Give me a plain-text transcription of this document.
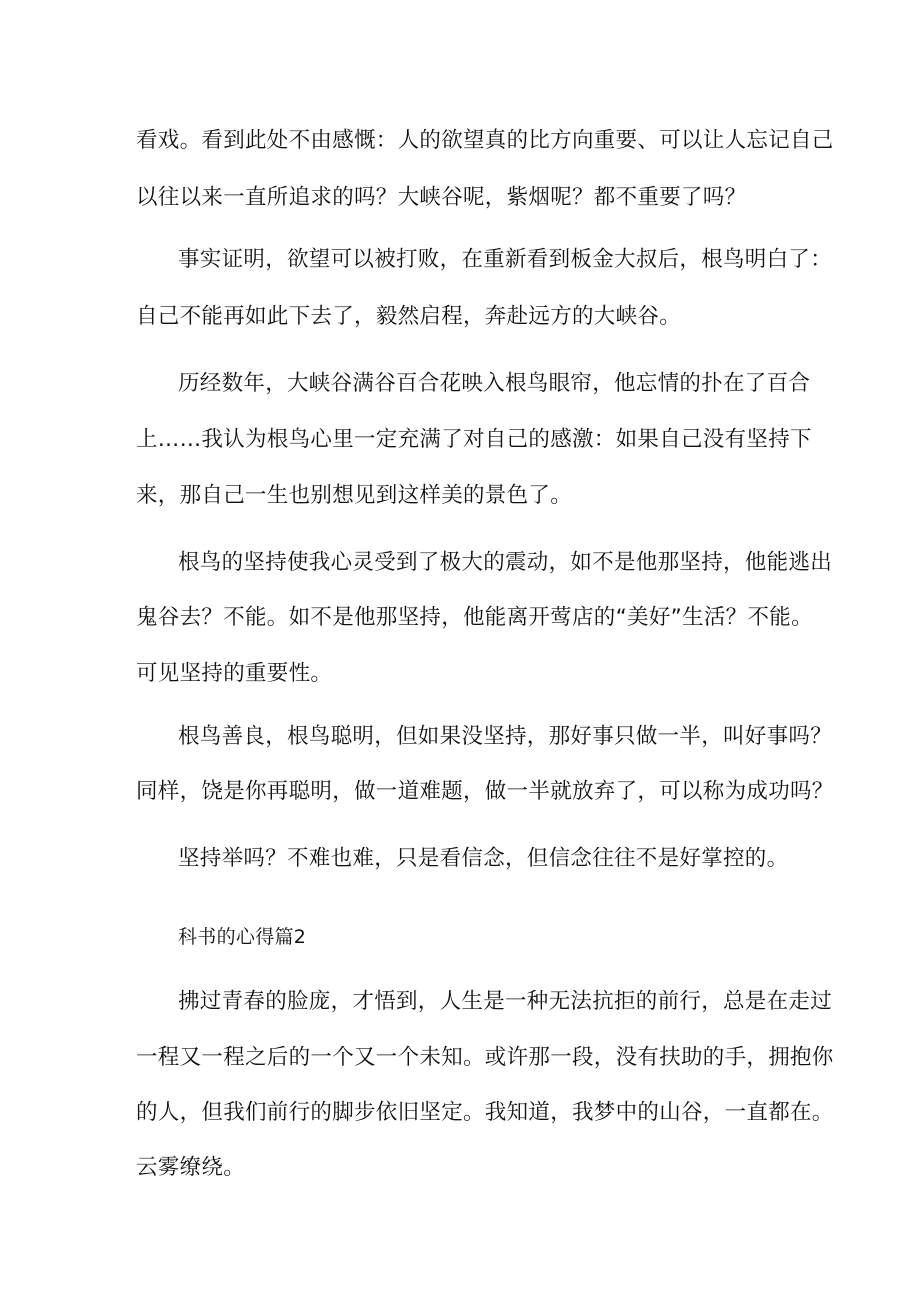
看戏。看到此处不由感慨：人的欲望真的比方向重要、可以让人忘记自己
以往以来一直所追求的吗？大峡谷呢，紫烟呢？都不重要了吗？
事实证明，欲望可以被打败，在重新看到板金大叔后，根鸟明白了：
自己不能再如此下去了，毅然启程，奔赴远方的大峡谷。
历经数年，大峡谷满谷百合花映入根鸟眼帘，他忘情的扑在了百合
上……我认为根鸟心里一定充满了对自己的感激：如果自己没有坚持下
来，那自己一生也别想见到这样美的景色了。
根鸟的坚持使我心灵受到了极大的震动，如不是他那坚持，他能逃出
鬼谷去？不能。如不是他那坚持，他能离开莺店的“美好”生活？不能。
可见坚持的重要性。
根鸟善良，根鸟聪明，但如果没坚持，那好事只做一半，叫好事吗？
同样，饶是你再聪明，做一道难题，做一半就放弃了，可以称为成功吗？
坚持举吗？不难也难，只是看信念，但信念往往不是好掌控的。
科书的心得篇2
拂过青春的脸庞，才悟到，人生是一种无法抗拒的前行，总是在走过
一程又一程之后的一个又一个未知。或许那一段，没有扶助的手，拥抱你
的人，但我们前行的脚步依旧坚定。我知道，我梦中的山谷，一直都在。
云雾缭绕。
